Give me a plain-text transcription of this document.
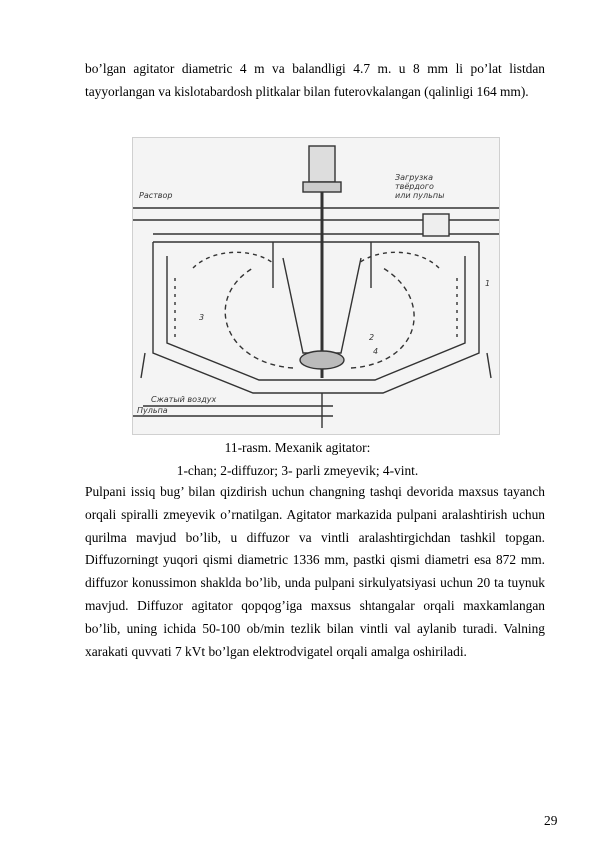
bo’lgan agitator diametric 4 m va balandligi 4.7 m. u 8 mm li po’lat listdan tayyorlangan va kislotabardosh plitkalar bilan futerovkalangan (qalinligi 164 mm).

Раствор
Загрузка
твёрдого
или пульпы
Сжатый воздух
Пульпа
1
2
3
4

11-rasm. Mexanik agitator:

1-chan; 2-diffuzor; 3- parli zmeyevik; 4-vint.

Pulpani issiq bug’ bilan qizdirish uchun changning tashqi devorida maxsus tayanch orqali spiralli zmeyevik o’rnatilgan. Agitator markazida pulpani aralashtirish uchun qurilma mavjud bo’lib, u diffuzor va vintli aralashtirgichdan tashkil topgan. Diffuzorningt yuqori qismi diametric 1336 mm, pastki qismi diametri esa 872 mm. diffuzor konussimon shaklda bo’lib, unda pulpani sirkulyatsiyasi uchun 20 ta tuynuk mavjud. Diffuzor agitator qopqog’iga maxsus shtangalar orqali maxkamlangan bo’lib, uning ichida 50-100 ob/min tezlik bilan vintli val aylanib turadi. Valning xarakati quvvati 7 kVt bo’lgan elektrodvigatel orqali amalga oshiriladi.

29
